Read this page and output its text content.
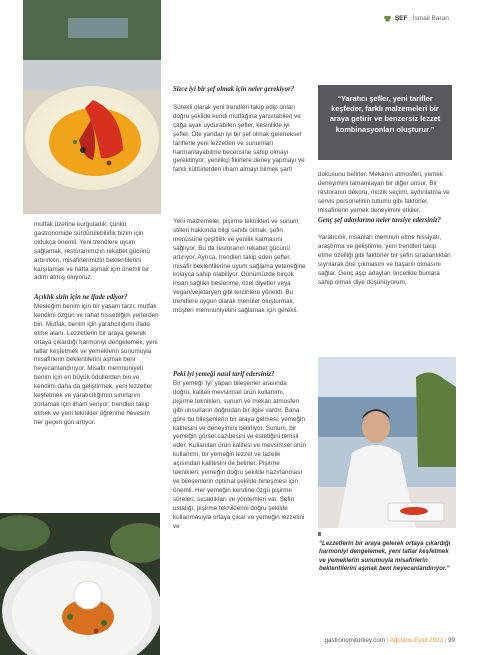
ŞEF | İsmail Baran

mutfak üzerine kurguladık; çünkü gastronomide sürdürülebilirlik bizim için oldukça önemli. Yeni trendlere uyum sağlamak, restoranımızın rekabet gücünü artırırken, misafirlerimizin beklentilerini karşılamak ve hatta aşmak için önemli bir adım atmış oluyoruz.

Açıklık sizin için ne ifade ediyor?

Mesleğim benim için bir yaşam tarzı; mutfak kendimi özgün ve rahat hissettiğim yerlerden biri. Mutfak, benim için yaratıcılığımı ifade etme alanı. Lezzetlerin bir araya gelerek ortaya çıkardığı harmoniyi dengelemek, yeni tatlar keşfetmek ve yemeklerin sunumuyla misafirlerin beklentilerini aşmak beni heyecanlandırıyor. Misafir memnuniyeti benim için en büyük ödüllerden biri ve kendimi daha da geliştirmek, yeni lezzetler keşfetmek ve yaratıcılığımın sınırlarını zorlamak için ilham veriyor; trendleri takip etmek ve yeni teknikler öğrenme hevesim her geçen gün artıyor.

Sizce iyi bir şef olmak için neler gerekiyor?

Sürekli olarak yeni trendleri takip edip onları doğru şekilde kendi mutfağına yansıtabilen ve çağa ayak uydurabilen şefler, kesinlikle iyi şefler. Öte yandan iyi bir şef olmak geleneksel tariflerle yeni lezzetleri ve sunumları harmanlayabilme becerisine sahip olmayı gerektiriyor; yenilikçi fikirlere deney yapmayı ve farklı kültürlerden ilham almayı bilmek şart!

Yeni malzemeler, pişirme teknikleri ve sunum stilleri hakkında bilgi sahibi olmak, şefin menüsüne çeşitlilik ve yenilik katmasını sağlıyor. Bu da restoranın rekabet gücünü artırıyor. Ayrıca, trendleri takip eden şefler, misafir beklentilerine uyum sağlama yeteneğine kolayca sahip olabiliyor. Günümüzde birçok insan sağlıklı beslenme, özel diyetler veya vegan/vejetaryen gibi tercihlere yöneldi. Bu trendlere uygun olarak menüler oluşturmak, müşteri memnuniyetini sağlamak için gerekli.

Peki iyi yemeği nasıl tarif edersiniz?

Bir yemeği 'iyi' yapan bileşenler arasında doğru, kaliteli mevsimsel ürün kullanımı, pişirme teknikleri, sunum ve mekan atmosferi gibi unsurların doğrudan bir ilgisi vardır. Bana göre bu bileşenlerin bir araya gelmesi, yemeğin kalitesini ve deneyimini belirliyor. Sunum, bir yemeğin görsel cazibesini ve estetiğini temsil eder. Kullanılan ürün kalitesi ve mevsimsel ürün kullanımı, bir yemeğin lezzet ve tazelik açısından kalitesini de belirler. Pişirme teknikleri, yemeğin doğru şekilde hazırlanması ve bileşenlerin optimal şekilde birleşmesi için önemli. Her yemeğin kendine özgü pişirme süreleri, sıcaklıkları ve yöntemleri var. Şefin ustalığı, pişirme tekniklerini doğru şekilde kullanmasıyla ortaya çıkar ve yemeğin lezzetini ve

“Yaratıcı şefler, yeni tarifler keşfeder, farklı malzemeleri bir araya getirir ve benzersiz lezzet kombinasyonları oluşturur.”

dokusunu belirler. Mekanın atmosferi, yemek deneyimini tamamlayan bir diğer unsur. Bir restoranın dekoru, müzik seçimi, aydınlatma ve servis personelinin tutumu gibi faktörler, misafirlerin yemek deneyimini etkiler.

Genç şef adaylarına neler tavsiye edersiniz?

Yaratıcılık, insanları memnun etme hissiyatı, araştırma ve geliştirme, yeni trendleri takip etme özelliği gibi faktörler bir şefin sıradanlıktan sıyrılarak öne çıkmasını ve başarılı olmasını sağlar. Genç aşçı adayları öncelikle bunlara sahip olmalı diye düşünüyorum.

“Lezzetlerin bir araya gelerek ortaya çıkardığı harmoniyi dengelemek, yeni tatlar keşfetmek ve yemeklerin sunumuyla misafirlerin beklentilerini aşmak beni heyecanlandırıyor.”

gastronomiturkey.com | Ağustos-Eylül 2023 | 99
